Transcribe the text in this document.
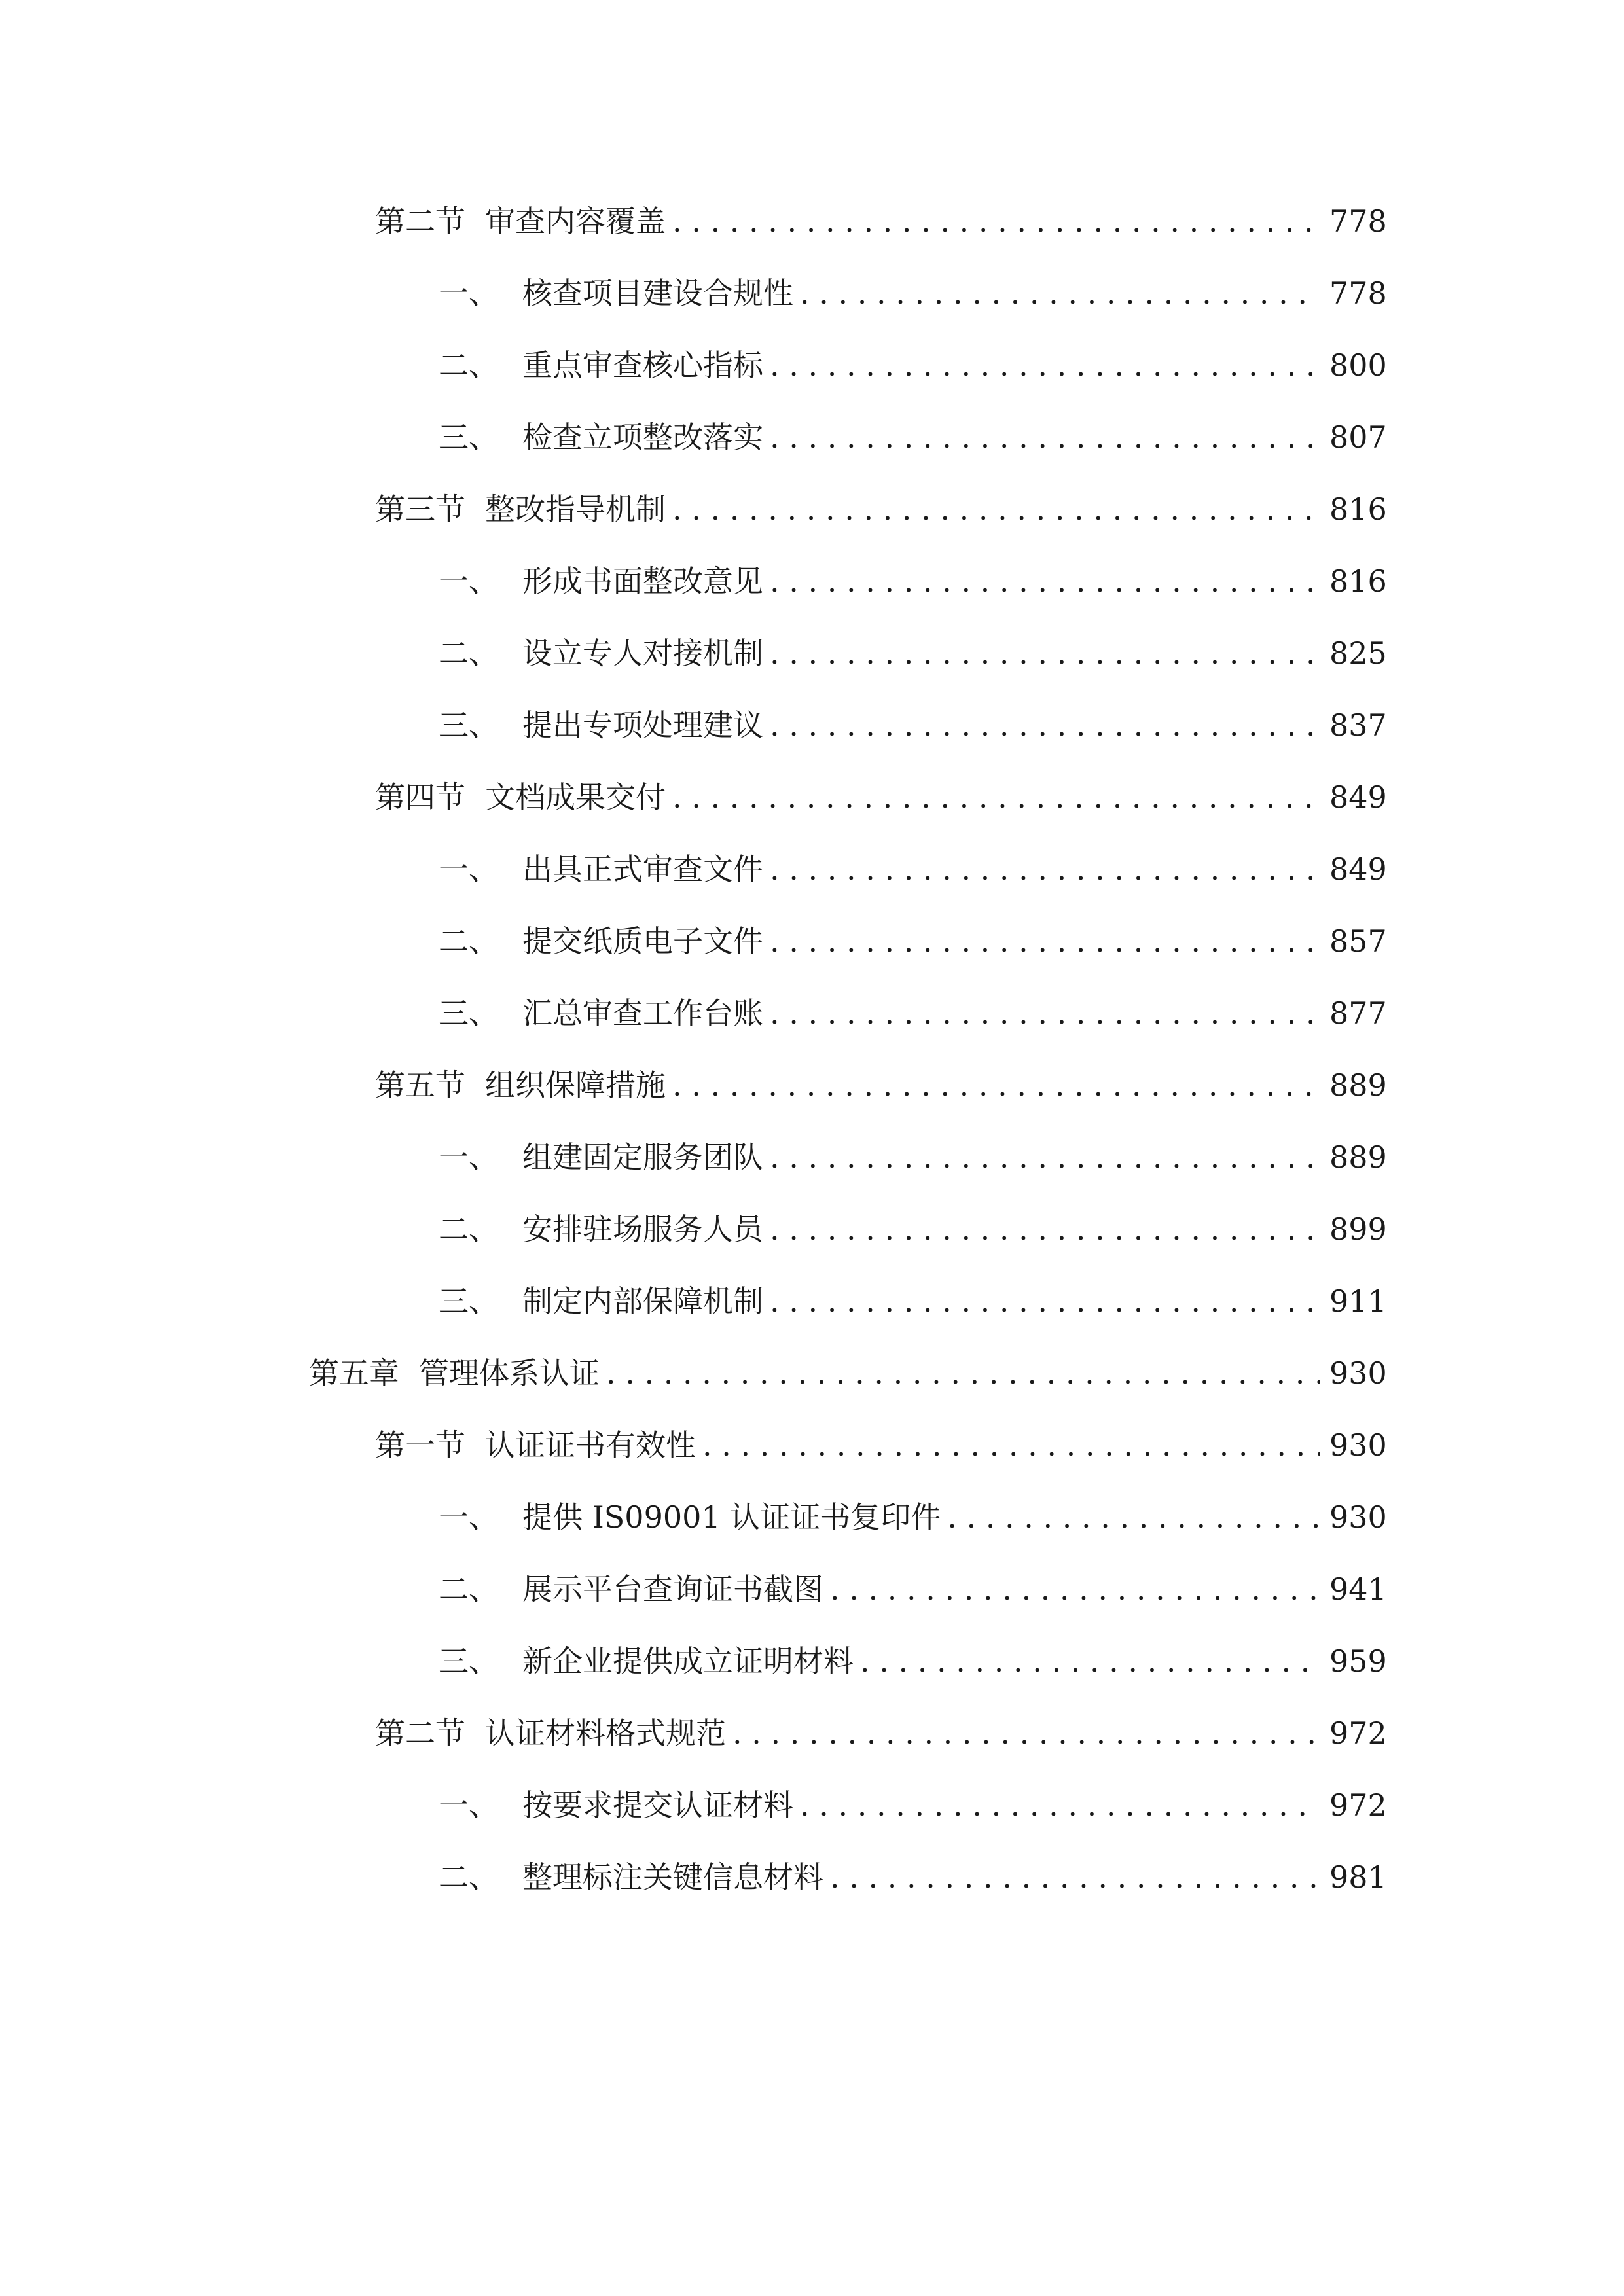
第二节 审查内容覆盖 . . .	778
一、 核查项目建设合规性 . . .	778
二、 重点审查核心指标 . . .	800
三、 检查立项整改落实 . . .	807
第三节 整改指导机制 . . .	816
一、 形成书面整改意见 . . .	816
二、 设立专人对接机制 . . .	825
三、 提出专项处理建议 . . .	837
第四节 文档成果交付 . . .	849
一、 出具正式审查文件 . . .	849
二、 提交纸质电子文件 . . .	857
三、 汇总审查工作台账 . . .	877
第五节 组织保障措施 . . .	889
一、 组建固定服务团队 . . .	889
二、 安排驻场服务人员 . . .	899
三、 制定内部保障机制 . . .	911
第五章 管理体系认证 . . .	930
第一节 认证证书有效性 . . .	930
一、 提供 IS09001 认证证书复印件 . . .	930
二、 展示平台查询证书截图 . . .	941
三、 新企业提供成立证明材料 . . .	959
第二节 认证材料格式规范 . . .	972
一、 按要求提交认证材料 . . .	972
二、 整理标注关键信息材料 . . .	981
